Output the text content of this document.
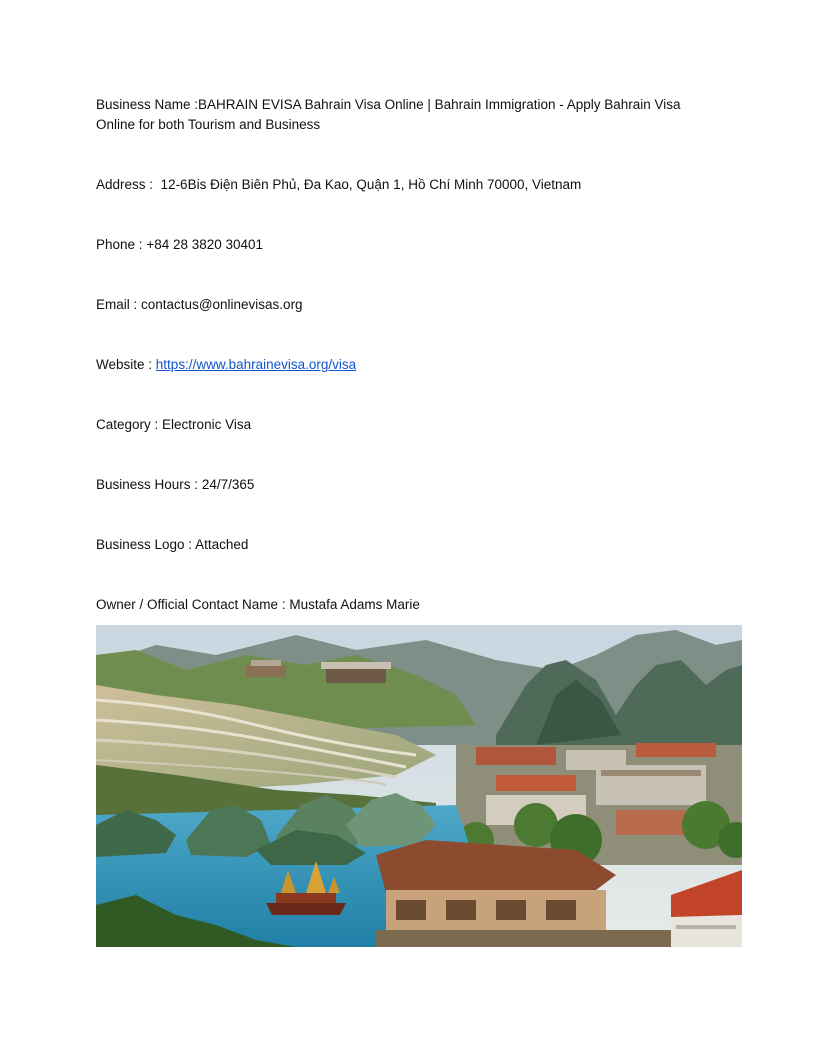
Business Name :BAHRAIN EVISA Bahrain Visa Online | Bahrain Immigration - Apply Bahrain Visa Online for both Tourism and Business

Address : 12-6Bis Điện Biên Phủ, Đa Kao, Quận 1, Hồ Chí Minh 70000, Vietnam

Phone : +84 28 3820 30401

Email : contactus@onlinevisas.org

Website : https://www.bahrainevisa.org/visa

Category : Electronic Visa

Business Hours : 24/7/365

Business Logo : Attached

Owner / Official Contact Name : Mustafa Adams Marie
